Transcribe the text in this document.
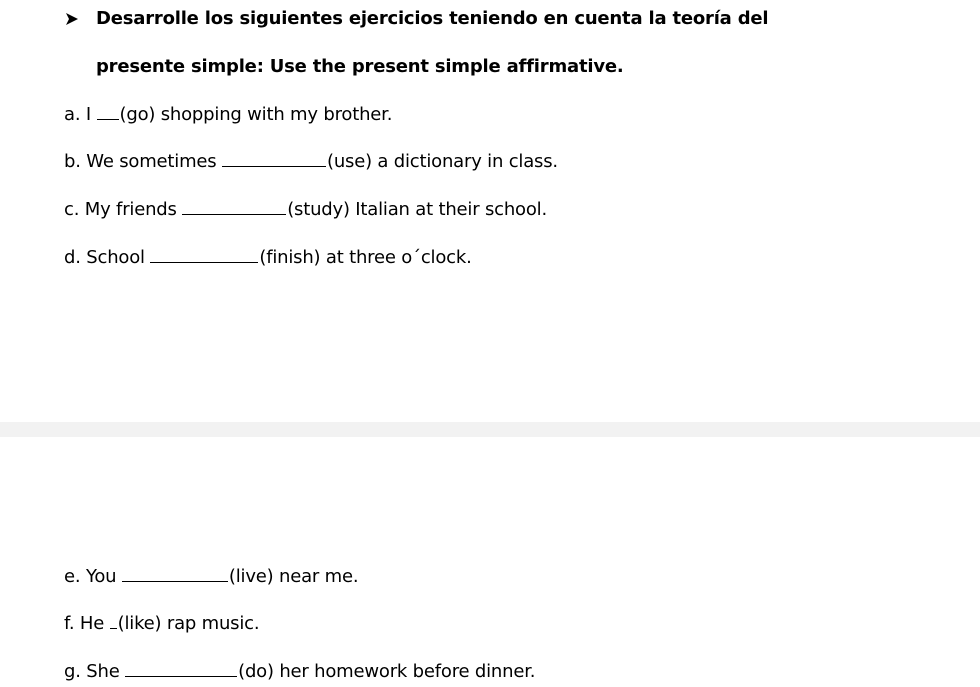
Desarrolle los siguientes ejercicios teniendo en cuenta la teoría del
presente simple: Use the present simple affirmative.
a. I (go) shopping with my brother.
b. We sometimes	(use) a dictionary in class.
c. My friends	(study) Italian at their school.
d. School	(finish) at three o´clock.
e. You	(live) near me.
f. He (like) rap music.
g. She	(do) her homework before dinner.
